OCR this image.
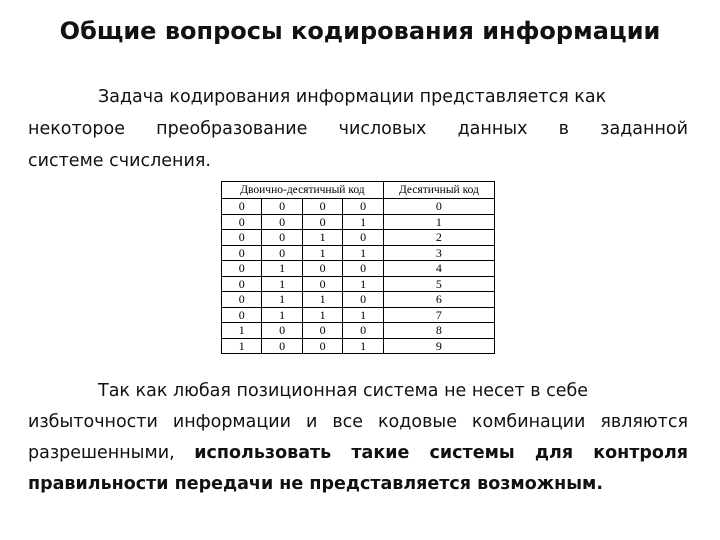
Общие вопросы кодирования информации
Задача кодирования информации представляется как
некоторое преобразование числовых данных в заданной
системе счисления.
Двоично-десятичный код				Десятичный код
0	0	0	0	0
0	0	0	1	1
0	0	1	0	2
0	0	1	1	3
0	1	0	0	4
0	1	0	1	5
0	1	1	0	6
0	1	1	1	7
1	0	0	0	8
1	0	0	1	9
Так как любая позиционная система не несет в себе
избыточности информации и все кодовые комбинации являются
разрешенными, использовать такие системы для контроля
правильности передачи не представляется возможным.
